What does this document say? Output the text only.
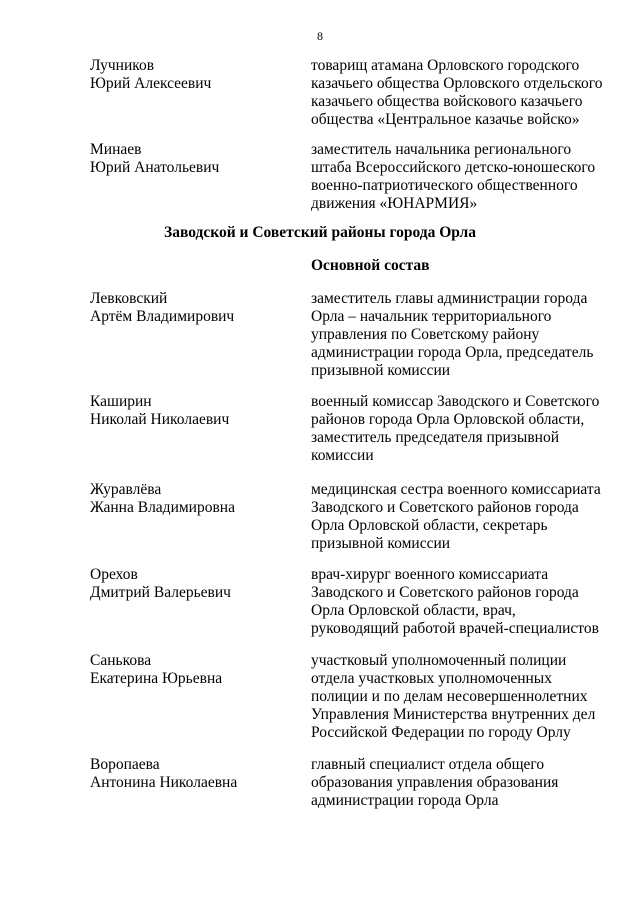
8
Лучников
Юрий Алексеевич
товарищ атамана Орловского городского
казачьего общества Орловского отдельского
казачьего общества войскового казачьего
общества «Центральное казачье войско»
Минаев
Юрий Анатольевич
заместитель начальника регионального
штаба Всероссийского детско-юношеского
военно-патриотического общественного
движения «ЮНАРМИЯ»
Заводской и Советский районы города Орла
Основной состав
Левковский
Артём Владимирович
заместитель главы администрации города
Орла – начальник территориального
управления по Советскому району
администрации города Орла, председатель
призывной комиссии
Каширин
Николай Николаевич
военный комиссар Заводского и Советского
районов города Орла Орловской области,
заместитель председателя призывной
комиссии
Журавлёва
Жанна Владимировна
медицинская сестра военного комиссариата
Заводского и Советского районов города
Орла Орловской области, секретарь
призывной комиссии
Орехов
Дмитрий Валерьевич
врач-хирург военного комиссариата
Заводского и Советского районов города
Орла Орловской области, врач,
руководящий работой врачей-специалистов
Санькова
Екатерина Юрьевна
участковый уполномоченный полиции
отдела участковых уполномоченных
полиции и по делам несовершеннолетних
Управления Министерства внутренних дел
Российской Федерации по городу Орлу
Воропаева
Антонина Николаевна
главный специалист отдела общего
образования управления образования
администрации города Орла
